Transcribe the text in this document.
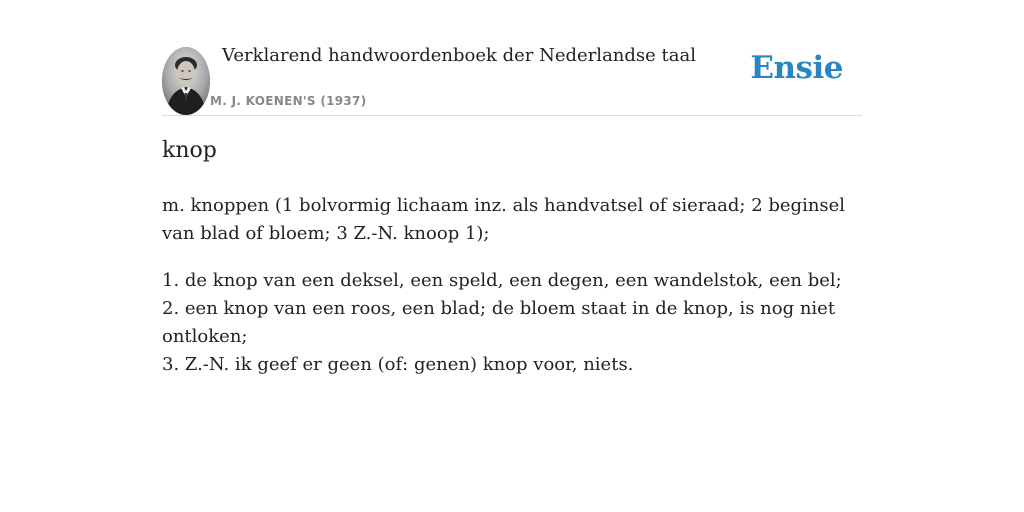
Verklarend handwoordenboek der Nederlandse taal
M. J. KOENEN'S (1937)
Ensie
knop

m. knoppen (1 bolvormig lichaam inz. als handvatsel of sieraad; 2 beginsel van blad of bloem; 3 Z.-N. knoop 1);

1. de knop van een deksel, een speld, een degen, een wandelstok, een bel;
2. een knop van een roos, een blad; de bloem staat in de knop, is nog niet ontloken;
3. Z.-N. ik geef er geen (of: genen) knop voor, niets.
